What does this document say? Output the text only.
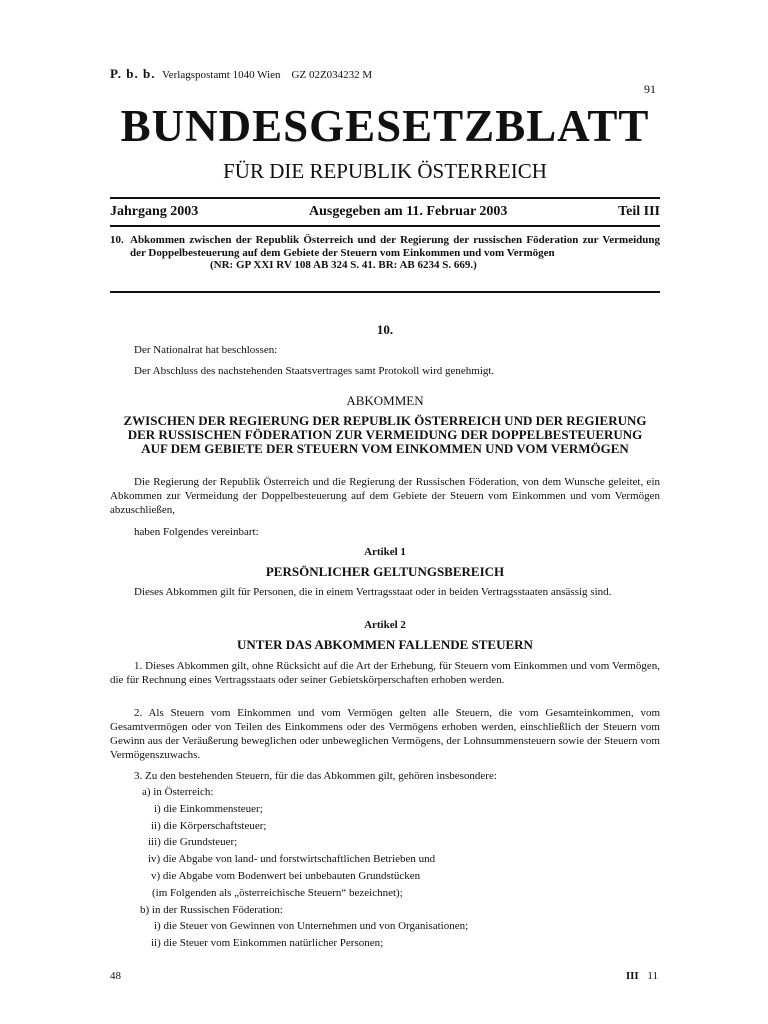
P. b. b. Verlagspostamt 1040 Wien GZ 02Z034232 M
91
BUNDESGESETZBLATT
FÜR DIE REPUBLIK ÖSTERREICH
Jahrgang 2003	Ausgegeben am 11. Februar 2003	Teil III
10. Abkommen zwischen der Republik Österreich und der Regierung der russischen Föderation zur Vermeidung der Doppelbesteuerung auf dem Gebiete der Steuern vom Einkommen und vom Vermögen
(NR: GP XXI RV 108 AB 324 S. 41. BR: AB 6234 S. 669.)
10.
Der Nationalrat hat beschlossen:
Der Abschluss des nachstehenden Staatsvertrages samt Protokoll wird genehmigt.
ABKOMMEN
ZWISCHEN DER REGIERUNG DER REPUBLIK ÖSTERREICH UND DER REGIERUNG DER RUSSISCHEN FÖDERATION ZUR VERMEIDUNG DER DOPPELBESTEUERUNG AUF DEM GEBIETE DER STEUERN VOM EINKOMMEN UND VOM VERMÖGEN
Die Regierung der Republik Österreich und die Regierung der Russischen Föderation, von dem Wunsche geleitet, ein Abkommen zur Vermeidung der Doppelbesteuerung auf dem Gebiete der Steuern vom Einkommen und vom Vermögen abzuschließen,
haben Folgendes vereinbart:
Artikel 1
PERSÖNLICHER GELTUNGSBEREICH
Dieses Abkommen gilt für Personen, die in einem Vertragsstaat oder in beiden Vertragsstaaten ansässig sind.
Artikel 2
UNTER DAS ABKOMMEN FALLENDE STEUERN
1. Dieses Abkommen gilt, ohne Rücksicht auf die Art der Erhebung, für Steuern vom Einkommen und vom Vermögen, die für Rechnung eines Vertragsstaats oder seiner Gebietskörperschaften erhoben werden.
2. Als Steuern vom Einkommen und vom Vermögen gelten alle Steuern, die vom Gesamteinkommen, vom Gesamtvermögen oder von Teilen des Einkommens oder des Vermögens erhoben werden, einschließlich der Steuern vom Gewinn aus der Veräußerung beweglichen oder unbeweglichen Vermögens, der Lohnsummensteuern sowie der Steuern vom Vermögenszuwachs.
3. Zu den bestehenden Steuern, für die das Abkommen gilt, gehören insbesondere:
a) in Österreich:
i) die Einkommensteuer;
ii) die Körperschaftsteuer;
iii) die Grundsteuer;
iv) die Abgabe von land- und forstwirtschaftlichen Betrieben und
v) die Abgabe vom Bodenwert bei unbebauten Grundstücken
(im Folgenden als „österreichische Steuern“ bezeichnet);
b) in der Russischen Föderation:
i) die Steuer von Gewinnen von Unternehmen und von Organisationen;
ii) die Steuer vom Einkommen natürlicher Personen;
48	III 11
